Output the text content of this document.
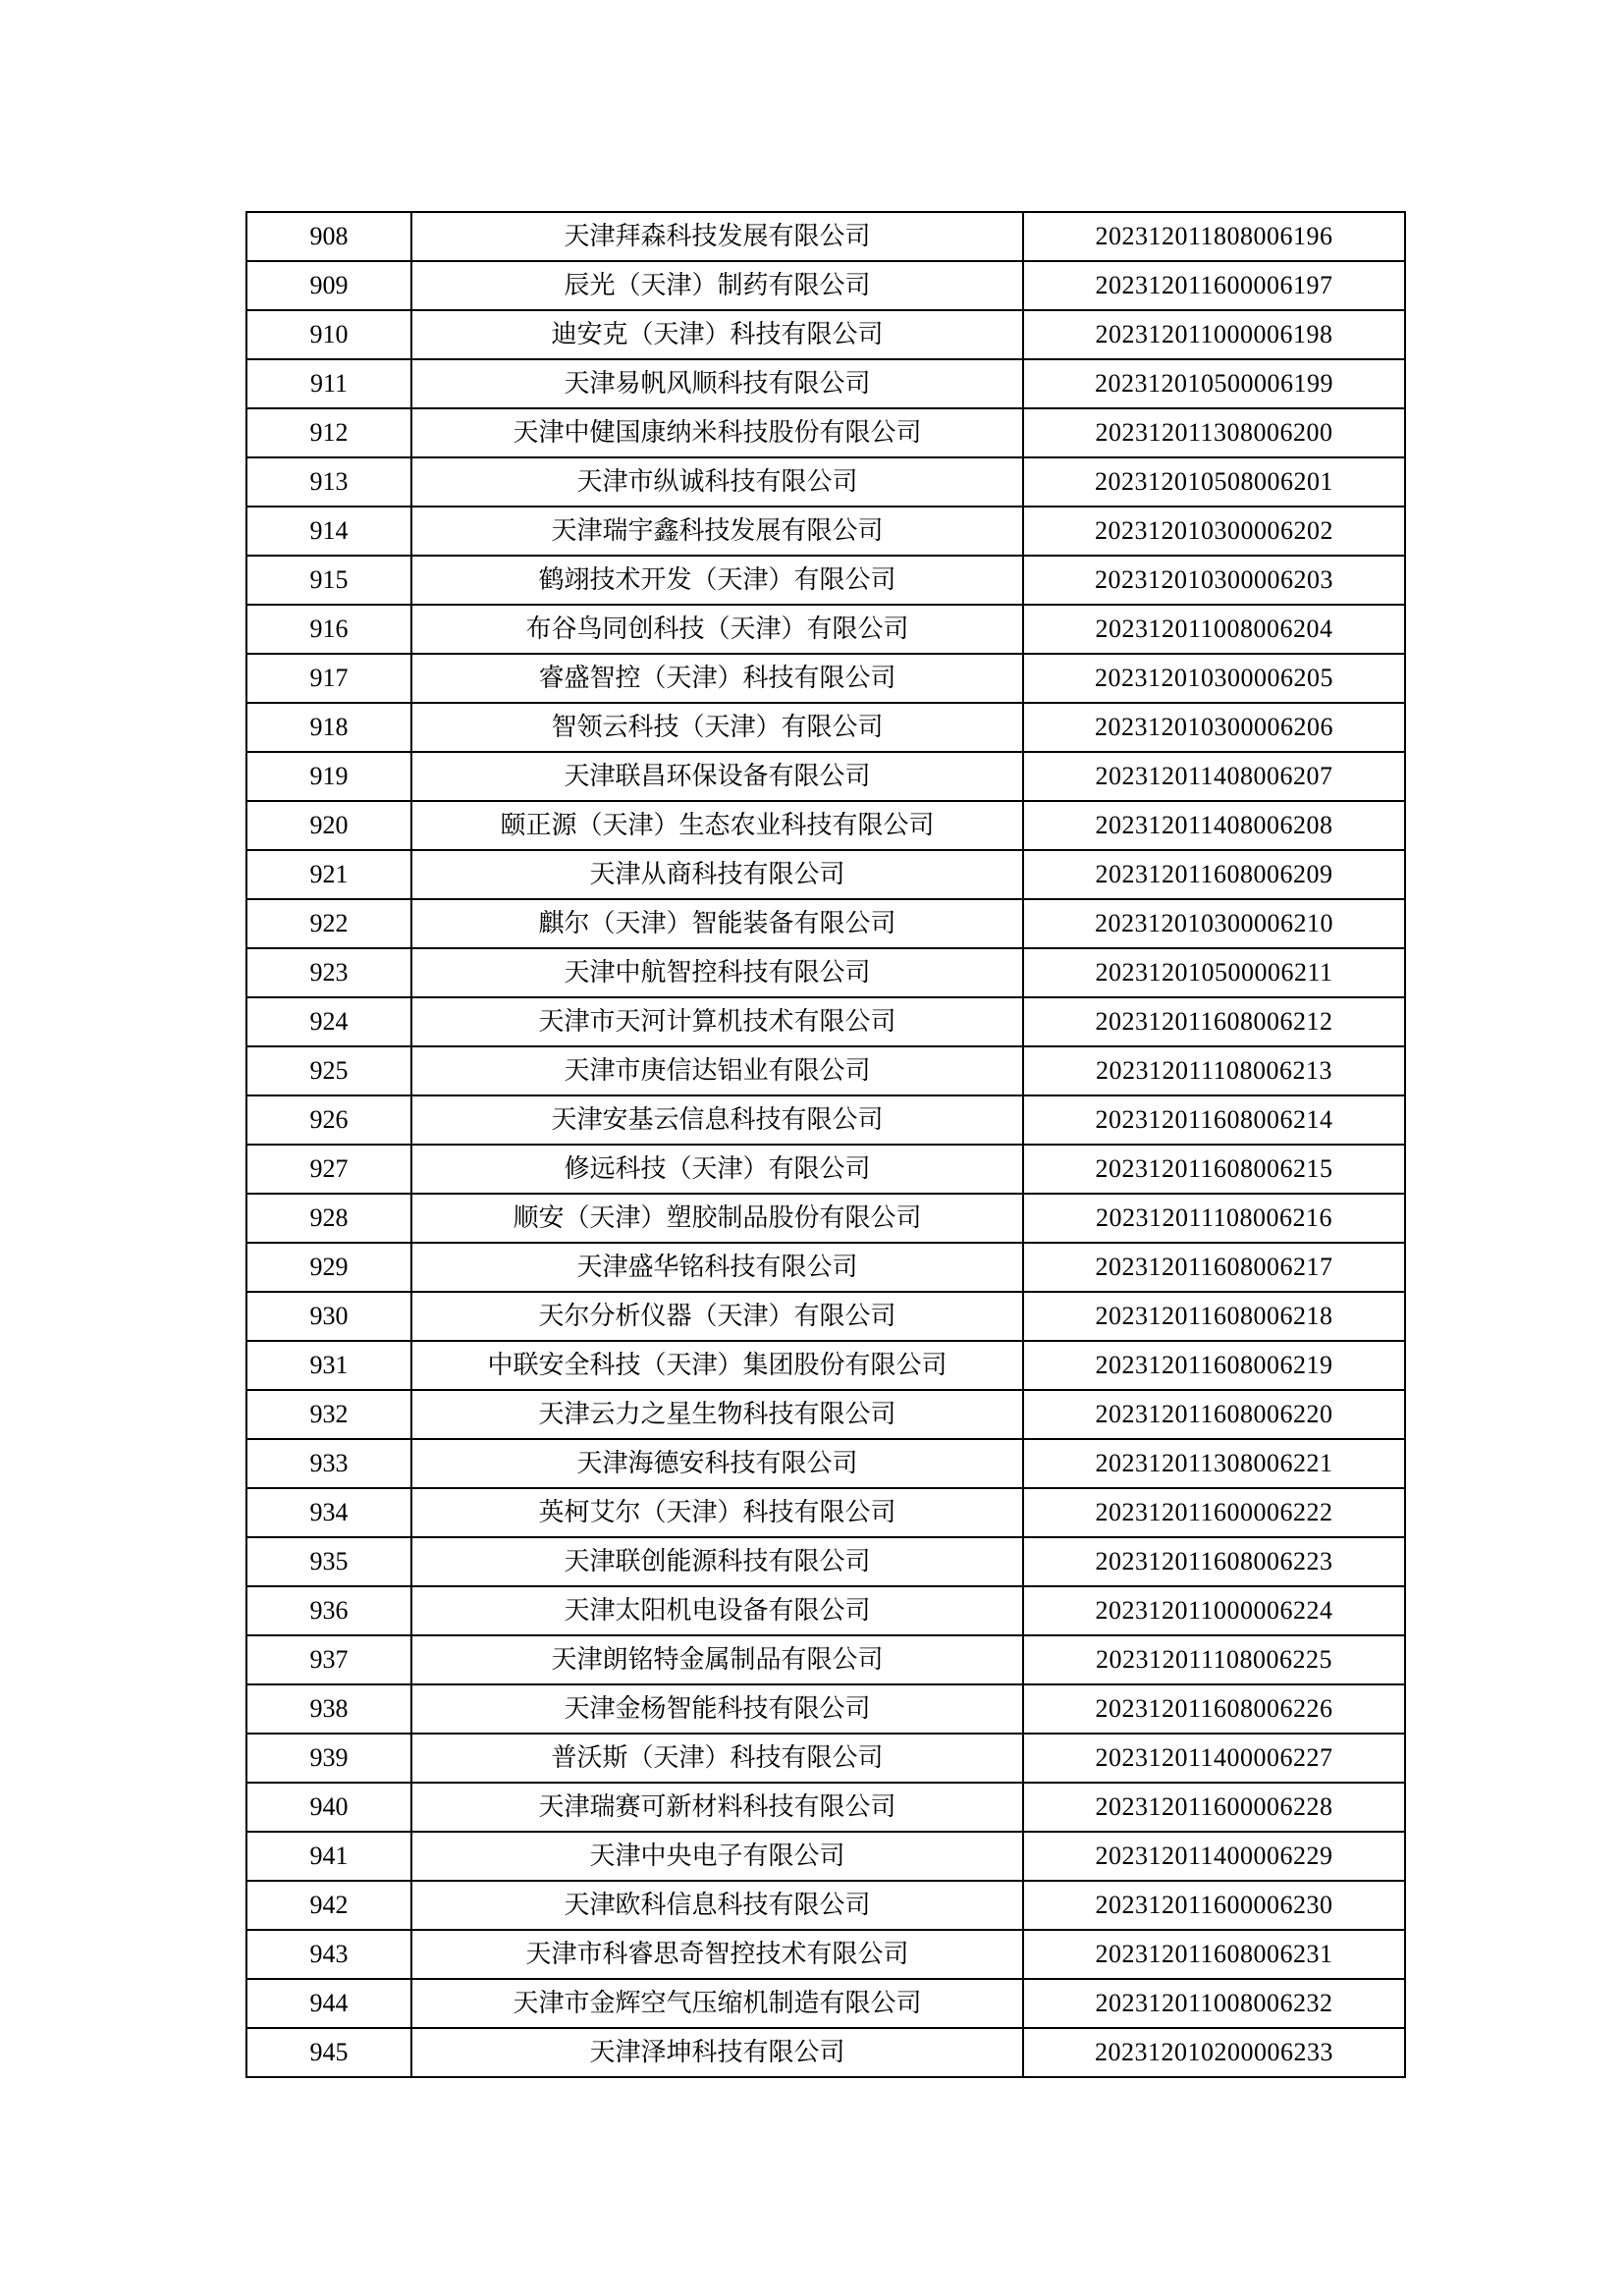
908	天津拜森科技发展有限公司	202312011808006196
909	辰光（天津）制药有限公司	202312011600006197
910	迪安克（天津）科技有限公司	202312011000006198
911	天津易帆风顺科技有限公司	202312010500006199
912	天津中健国康纳米科技股份有限公司	202312011308006200
913	天津市纵诚科技有限公司	202312010508006201
914	天津瑞宇鑫科技发展有限公司	202312010300006202
915	鹤翊技术开发（天津）有限公司	202312010300006203
916	布谷鸟同创科技（天津）有限公司	202312011008006204
917	睿盛智控（天津）科技有限公司	202312010300006205
918	智领云科技（天津）有限公司	202312010300006206
919	天津联昌环保设备有限公司	202312011408006207
920	颐正源（天津）生态农业科技有限公司	202312011408006208
921	天津从商科技有限公司	202312011608006209
922	麒尔（天津）智能装备有限公司	202312010300006210
923	天津中航智控科技有限公司	202312010500006211
924	天津市天河计算机技术有限公司	202312011608006212
925	天津市庚信达铝业有限公司	202312011108006213
926	天津安基云信息科技有限公司	202312011608006214
927	修远科技（天津）有限公司	202312011608006215
928	顺安（天津）塑胶制品股份有限公司	202312011108006216
929	天津盛华铭科技有限公司	202312011608006217
930	天尔分析仪器（天津）有限公司	202312011608006218
931	中联安全科技（天津）集团股份有限公司	202312011608006219
932	天津云力之星生物科技有限公司	202312011608006220
933	天津海德安科技有限公司	202312011308006221
934	英柯艾尔（天津）科技有限公司	202312011600006222
935	天津联创能源科技有限公司	202312011608006223
936	天津太阳机电设备有限公司	202312011000006224
937	天津朗铭特金属制品有限公司	202312011108006225
938	天津金杨智能科技有限公司	202312011608006226
939	普沃斯（天津）科技有限公司	202312011400006227
940	天津瑞赛可新材料科技有限公司	202312011600006228
941	天津中央电子有限公司	202312011400006229
942	天津欧科信息科技有限公司	202312011600006230
943	天津市科睿思奇智控技术有限公司	202312011608006231
944	天津市金辉空气压缩机制造有限公司	202312011008006232
945	天津泽坤科技有限公司	202312010200006233
